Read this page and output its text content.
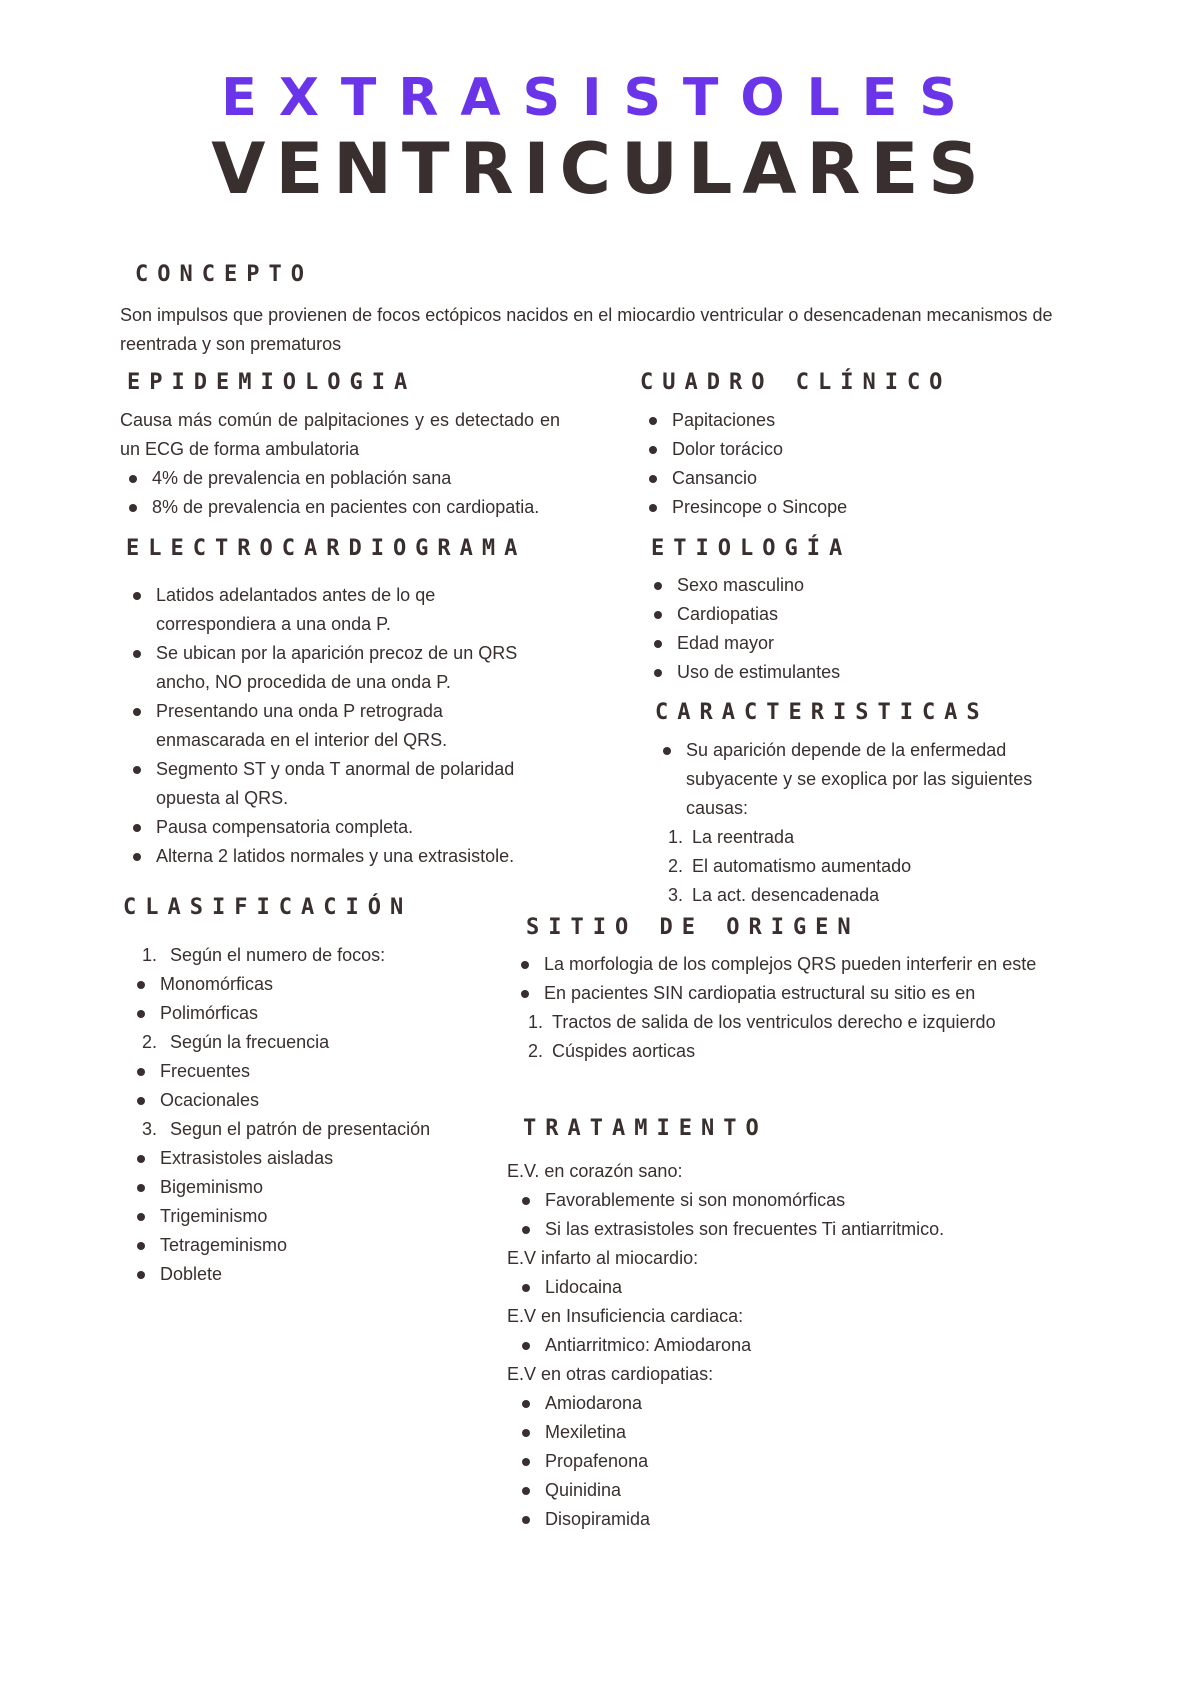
EXTRASISTOLES
VENTRICULARES
CONCEPTO

Son impulsos que provienen de focos ectópicos nacidos en el miocardio ventricular o desencadenan mecanismos de reentrada y son prematuros

EPIDEMIOLOGIA

Causa más común de palpitaciones y es detectado en un ECG de forma ambulatoria

4% de prevalencia en población sana
8% de prevalencia en pacientes con cardiopatia.
CUADRO CLÍNICO
Papitaciones
Dolor torácico
Cansancio
Presincope o Sincope
ELECTROCARDIOGRAMA
Latidos adelantados antes de lo qe correspondiera a una onda P.
Se ubican por la aparición precoz de un QRS ancho, NO procedida de una onda P.
Presentando una onda P retrograda enmascarada en el interior del QRS.
Segmento ST y onda T anormal de polaridad opuesta al QRS.
Pausa compensatoria completa.
Alterna 2 latidos normales y una extrasistole.
ETIOLOGÍA
Sexo masculino
Cardiopatias
Edad mayor
Uso de estimulantes
CARACTERISTICAS
Su aparición depende de la enfermedad subyacente y se exoplica por las siguientes causas:
1. La reentrada
2. El automatismo aumentado
3. La act. desencadenada
CLASIFICACIÓN
1. Según el numero de focos:
Monomórficas
Polimórficas
2. Según la frecuencia
Frecuentes
Ocacionales
3. Segun el patrón de presentación
Extrasistoles aisladas
Bigeminismo
Trigeminismo
Tetrageminismo
Doblete
SITIO DE ORIGEN
La morfologia de los complejos QRS pueden interferir en este
En pacientes SIN cardiopatia estructural su sitio es en
1. Tractos de salida de los ventriculos derecho e izquierdo
2. Cúspides aorticas
TRATAMIENTO

E.V. en corazón sano:

Favorablemente si son monomórficas
Si las extrasistoles son frecuentes Ti antiarritmico.

E.V infarto al miocardio:

Lidocaina

E.V en Insuficiencia cardiaca:

Antiarritmico: Amiodarona

E.V en otras cardiopatias:

Amiodarona
Mexiletina
Propafenona
Quinidina
Disopiramida
